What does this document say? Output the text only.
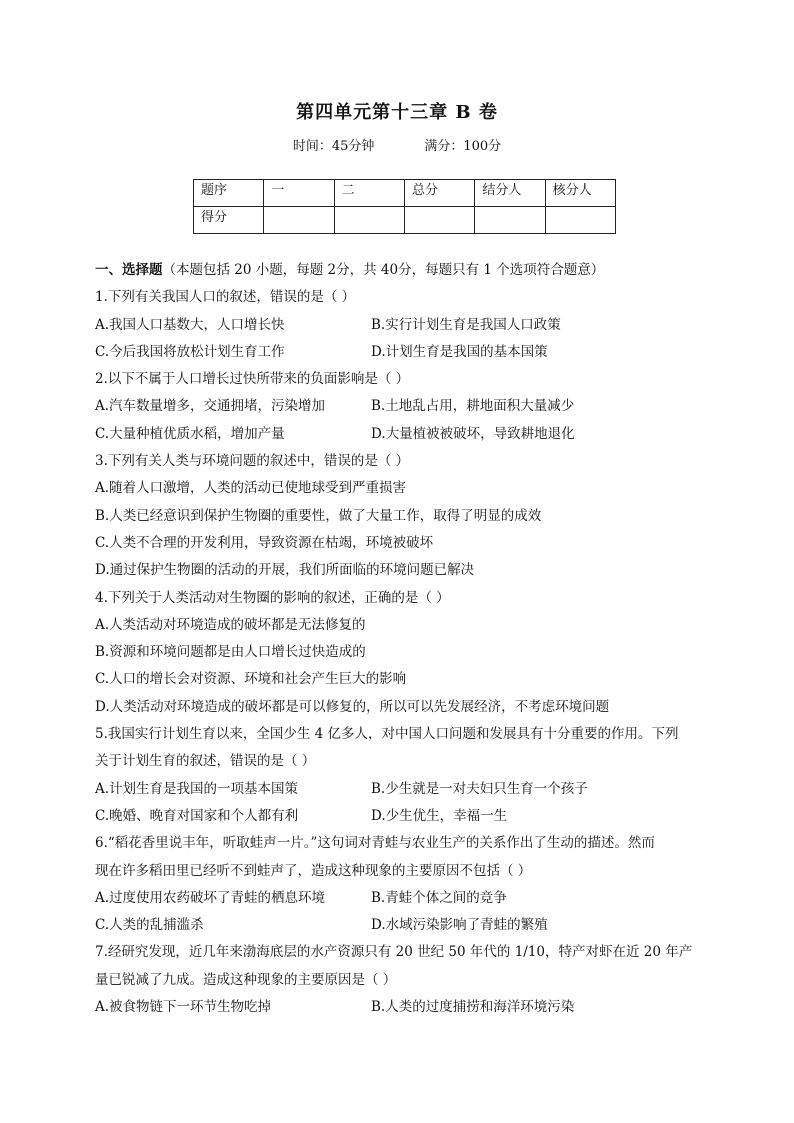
第四单元第十三章 B 卷
时间：45分钟	满分：100分
题序	一	二	总分	结分人	核分人
得分					
一、选择题（本题包括 20 小题，每题 2分，共 40分，每题只有 1 个选项符合题意）
1.下列有关我国人口的叙述，错误的是（ ）
A.我国人口基数大，人口增长快	B.实行计划生育是我国人口政策
C.今后我国将放松计划生育工作	D.计划生育是我国的基本国策
2.以下不属于人口增长过快所带来的负面影响是（ ）
A.汽车数量增多，交通拥堵，污染增加	B.土地乱占用，耕地面积大量减少
C.大量种植优质水稻，增加产量	D.大量植被被破坏，导致耕地退化
3.下列有关人类与环境问题的叙述中，错误的是（ ）
A.随着人口激增，人类的活动已使地球受到严重损害
B.人类已经意识到保护生物圈的重要性，做了大量工作，取得了明显的成效
C.人类不合理的开发利用，导致资源在枯竭，环境被破坏
D.通过保护生物圈的活动的开展，我们所面临的环境问题已解决
4.下列关于人类活动对生物圈的影响的叙述，正确的是（ ）
A.人类活动对环境造成的破坏都是无法修复的
B.资源和环境问题都是由人口增长过快造成的
C.人口的增长会对资源、环境和社会产生巨大的影响
D.人类活动对环境造成的破坏都是可以修复的，所以可以先发展经济，不考虑环境问题
5.我国实行计划生育以来，全国少生 4 亿多人，对中国人口问题和发展具有十分重要的作用。下列
关于计划生育的叙述，错误的是（ ）
A.计划生育是我国的一项基本国策	B.少生就是一对夫妇只生育一个孩子
C.晚婚、晚育对国家和个人都有利	D.少生优生，幸福一生
6.“稻花香里说丰年，听取蛙声一片。”这句词对青蛙与农业生产的关系作出了生动的描述。然而
现在许多稻田里已经听不到蛙声了，造成这种现象的主要原因不包括（ ）
A.过度使用农药破坏了青蛙的栖息环境	B.青蛙个体之间的竞争
C.人类的乱捕滥杀	D.水域污染影响了青蛙的繁殖
7.经研究发现，近几年来渤海底层的水产资源只有 20 世纪 50 年代的 1/10，特产对虾在近 20 年产
量已锐减了九成。造成这种现象的主要原因是（ ）
A.被食物链下一环节生物吃掉	B.人类的过度捕捞和海洋环境污染
